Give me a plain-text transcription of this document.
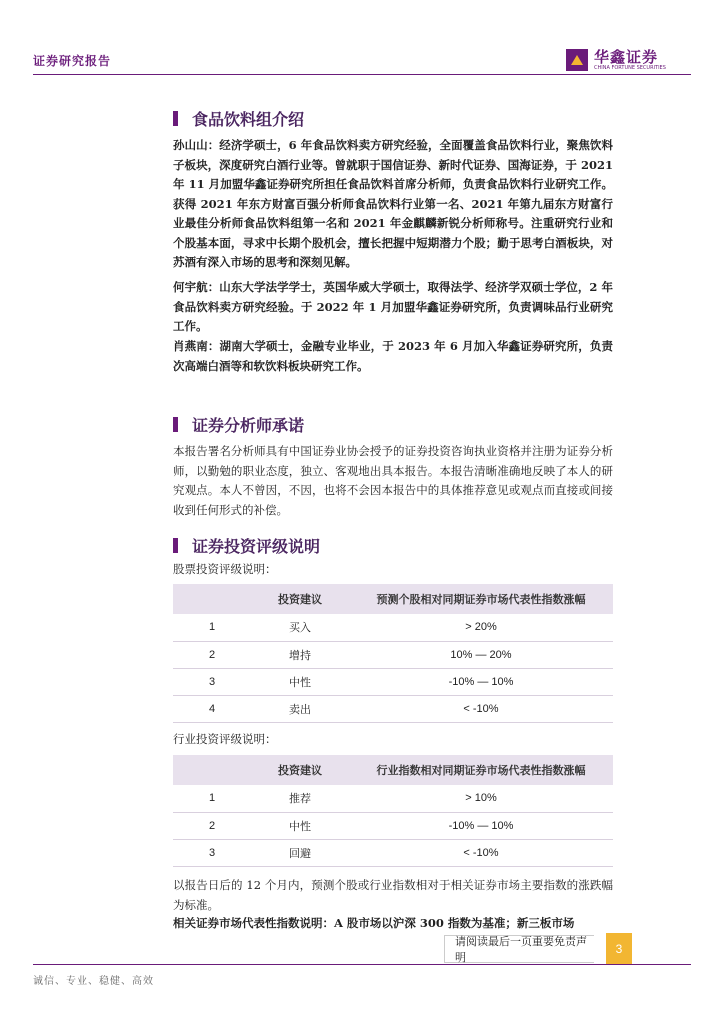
证券研究报告	华鑫证券
CHINA FORTUNE SECURITIES
食品饮料组 介绍
孙山山：经济学硕士，6 年食品饮料卖方研究经验，全面覆盖食品饮料行业，聚焦饮料子板块，深度研究白酒行业等。曾就职于国信证券、新时代证券、国海证券，于 2021 年 11 月加盟华鑫证券研究所担任食品饮料首席分析师，负责食品饮料行业研究工作。获得 2021 年东方财富百强分析师食品饮料行业第一名、2021 年第九届东方财富行业最佳分析师食品饮料组第一名和 2021 年金麒麟新锐分析师称号。注重研究行业和个股基本面，寻求中长期个股机会，擅长把握中短期潜力个股；勤于思考白酒板块，对苏酒有深入市场的思考和深刻见解。
何宇航：山东大学法学学士，英国华威大学硕士，取得法学、经济学双硕士学位，2 年食品饮料卖方研究经验。于 2022 年 1 月加盟华鑫证券研究所，负责调味品行业研究工作。
肖燕南：湖南大学硕士，金融专业毕业，于 2023 年 6 月加入华鑫证券研究所，负责次高端白酒等和软饮料板块研究工作。
证券分析师承诺
本报告署名分析师具有中国证券业协会授予的证券投资咨询执业资格并注册为证券分析师，以勤勉的职业态度，独立、客观地出具本报告。本报告清晰准确地反映了本人的研究观点。本人不曾因，不因，也将不会因本报告中的具体推荐意见或观点而直接或间接收到任何形式的补偿。
证券投资评级说明
股票投资评级说明：
	投资建议	预测个股相对同期证券市场代表性指数涨幅
1	买入	> 20%
2	增持	10% — 20%
3	中性	-10% — 10%
4	卖出	< -10%
行业投资评级说明：
	投资建议	行业指数相对同期证券市场代表性指数涨幅
1	推荐	> 10%
2	中性	-10% — 10%
3	回避	< -10%
以报告日后的 12 个月内，预测个股或行业指数相对于相关证券市场主要指数的涨跌幅为标准。
相关证券市场代表性指数说明：A 股市场以沪深 300 指数为基准；新三板市场
请阅读最后一页重要免责声明
3
诚信、专业、稳健、高效
